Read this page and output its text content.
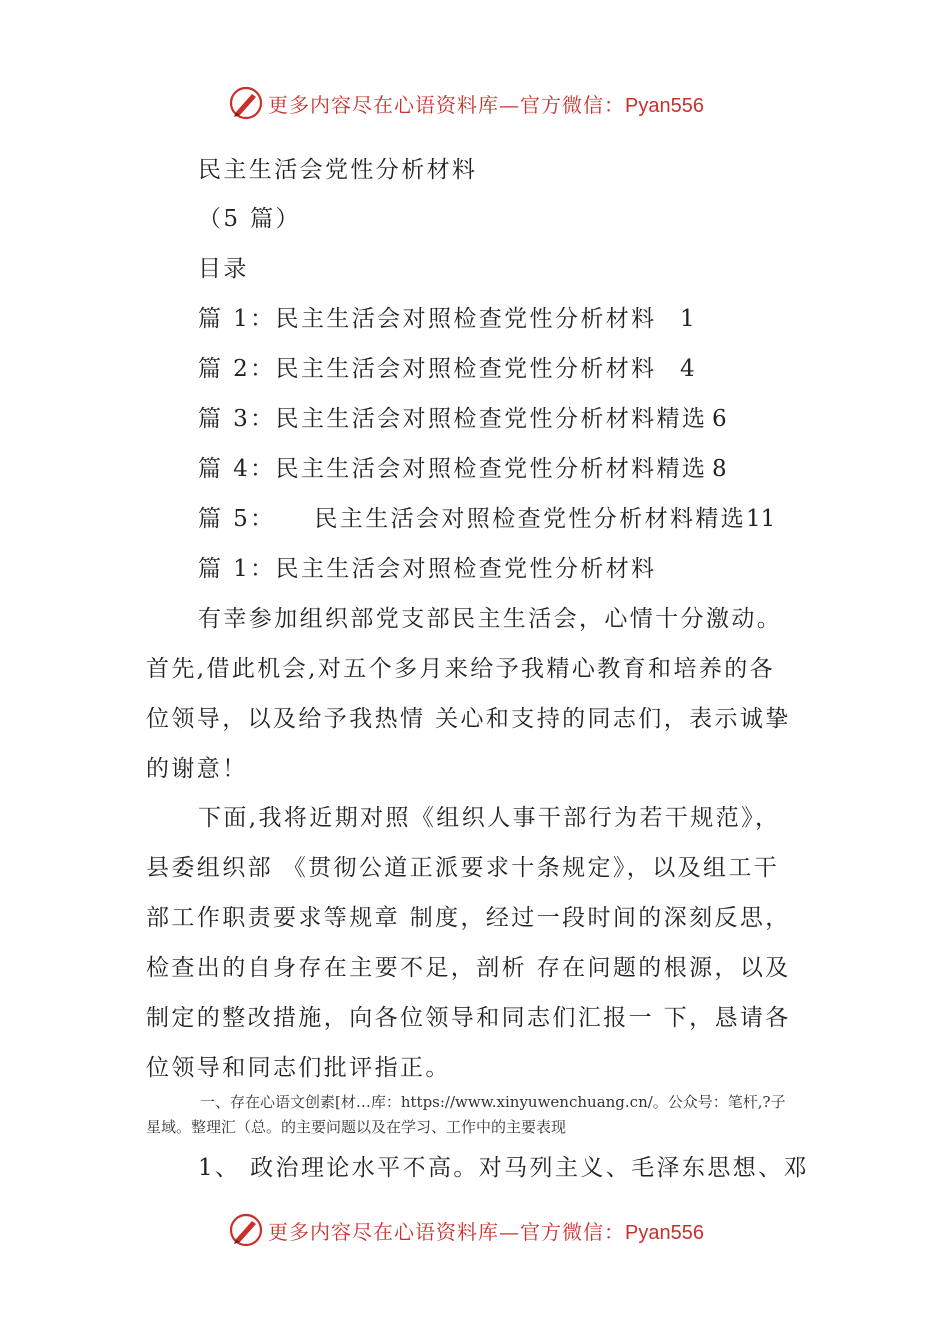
更多内容尽在心语资料库—官方微信：Pyan556
民主生活会党性分析材料
（5 篇）
目录
篇 1：民主生活会对照检查党性分析材料 1
篇 2：民主生活会对照检查党性分析材料 4
篇 3：民主生活会对照检查党性分析材料精选 6
篇 4：民主生活会对照检查党性分析材料精选 8
篇 5：    民主生活会对照检查党性分析材料精选 11
篇 1：民主生活会对照检查党性分析材料
有幸参加组织部党支部民主生活会，心情十分激动。
首先,借此机会,对五个多月来给予我精心教育和培养的各
位领导，以及给予我热情 关心和支持的同志们，表示诚挚
的谢意！
下面,我将近期对照《组织人事干部行为若干规范》，
县委组织部 《贯彻公道正派要求十条规定》，以及组工干
部工作职责要求等规章 制度，经过一段时间的深刻反思，
检查出的自身存在主要不足，剖析 存在问题的根源，以及
制定的整改措施，向各位领导和同志们汇报一 下，恳请各
位领导和同志们批评指正。
一、存在心语文创素[材…库：https://www.xinyuwenchuang.cn/。公众号：笔杆,?子
星域。整理汇（总。的主要问题以及在学习、工作中的主要表现
1、 政治理论水平不高。对马列主义、毛泽东思想、邓
更多内容尽在心语资料库—官方微信：Pyan556
